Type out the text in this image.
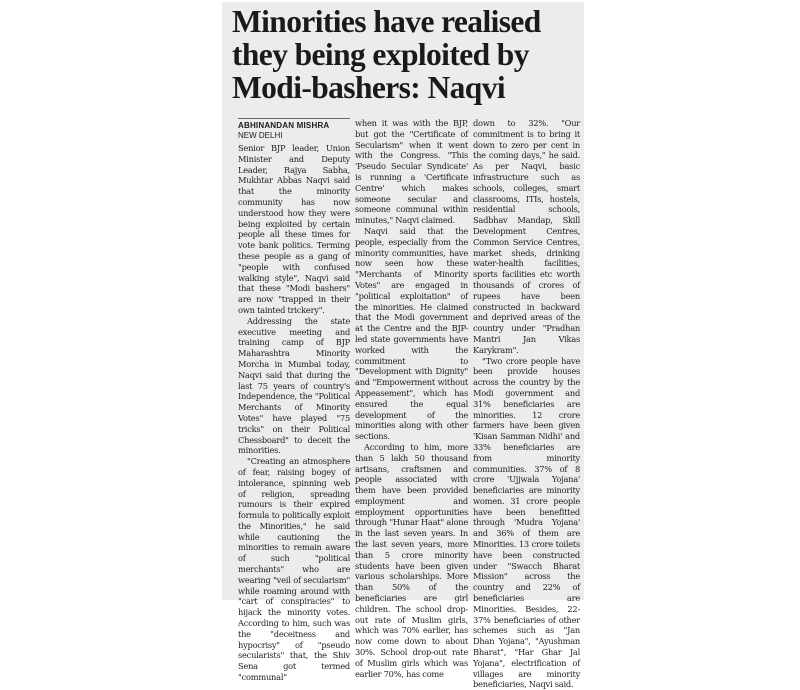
Minorities have realised
they being exploited by
Modi-bashers: Naqvi
ABHINANDAN MISHRA
NEW DELHI

Senior BJP leader, Union Minister and Deputy Leader, Rajya Sabha, Mukhtar Abbas Naqvi said that the minority community has now understood how they were being exploited by certain people all these times for vote bank politics. Terming these people as a gang of "people with confused walking style", Naqvi said that these "Modi bashers" are now "trapped in their own tainted trickery".

Addressing the state executive meeting and training camp of BJP Maharashtra Minority Morcha in Mumbai today, Naqvi said that during the last 75 years of country's Independence, the "Political Merchants of Minority Votes" have played "75 tricks" on their Political Chessboard" to deceit the minorities.

"Creating an atmosphere of fear, raising bogey of intolerance, spinning web of religion, spreading rumours is their expired formula to politically exploit the Minorities," he said while cautioning the minorities to remain aware of such "political merchants" who are wearing "veil of secularism" while roaming around with "cart of conspiracies" to hijack the minority votes. According to him, such was the "deceitness and hypocrisy" of "pseudo secularists" that, the Shiv Sena got termed "communal"

when it was with the BJP, but got the "Certificate of Secularism" when it went with the Congress. "This 'Pseudo Secular Syndicate' is running a 'Certificate Centre' which makes someone secular and someone communal within minutes," Naqvi claimed.

Naqvi said that the people, especially from the minority communities, have now seen how these "Merchants of Minority Votes" are engaged in "political exploitation" of the minorities. He claimed that the Modi government at the Centre and the BJP-led state governments have worked with the commitment to "Development with Dignity" and "Empowerment without Appeasement", which has ensured the equal development of the minorities along with other sections.

According to him, more than 5 lakh 50 thousand artisans, craftsmen and people associated with them have been provided employment and employment opportunities through "Hunar Haat" alone in the last seven years. In the last seven years, more than 5 crore minority students have been given various scholarships. More than 50% of the beneficiaries are girl children. The school drop-out rate of Muslim girls, which was 70% earlier, has now come down to about 30%. School drop-out rate of Muslim girls which was earlier 70%, has come

down to 32%. "Our commitment is to bring it down to zero per cent in the coming days," he said. As per Naqvi, basic infrastructure such as schools, colleges, smart classrooms, ITIs, hostels, residential schools, Sadbhav Mandap, Skill Development Centres, Common Service Centres, market sheds, drinking water-health facilities, sports facilities etc worth thousands of crores of rupees have been constructed in backward and deprived areas of the country under "Pradhan Mantri Jan Vikas Karykram".

"Two crore people have been provide houses across the country by the Modi government and 31% beneficiaries are minorities. 12 crore farmers have been given 'Kisan Samman Nidhi' and 33% beneficiaries are from minority communities. 37% of 8 crore 'Ujjwala Yojana' beneficiaries are minority women. 31 crore people have been benefitted through 'Mudra Yojana' and 36% of them are Minorities. 13 crore toilets have been constructed under "Swacch Bharat Mission" across the country and 22% of beneficiaries are Minorities. Besides, 22-37% beneficiaries of other schemes such as "Jan Dhan Yojana", "Ayushman Bharat", "Har Ghar Jal Yojana", electrification of villages are minority beneficiaries, Naqvi said.
